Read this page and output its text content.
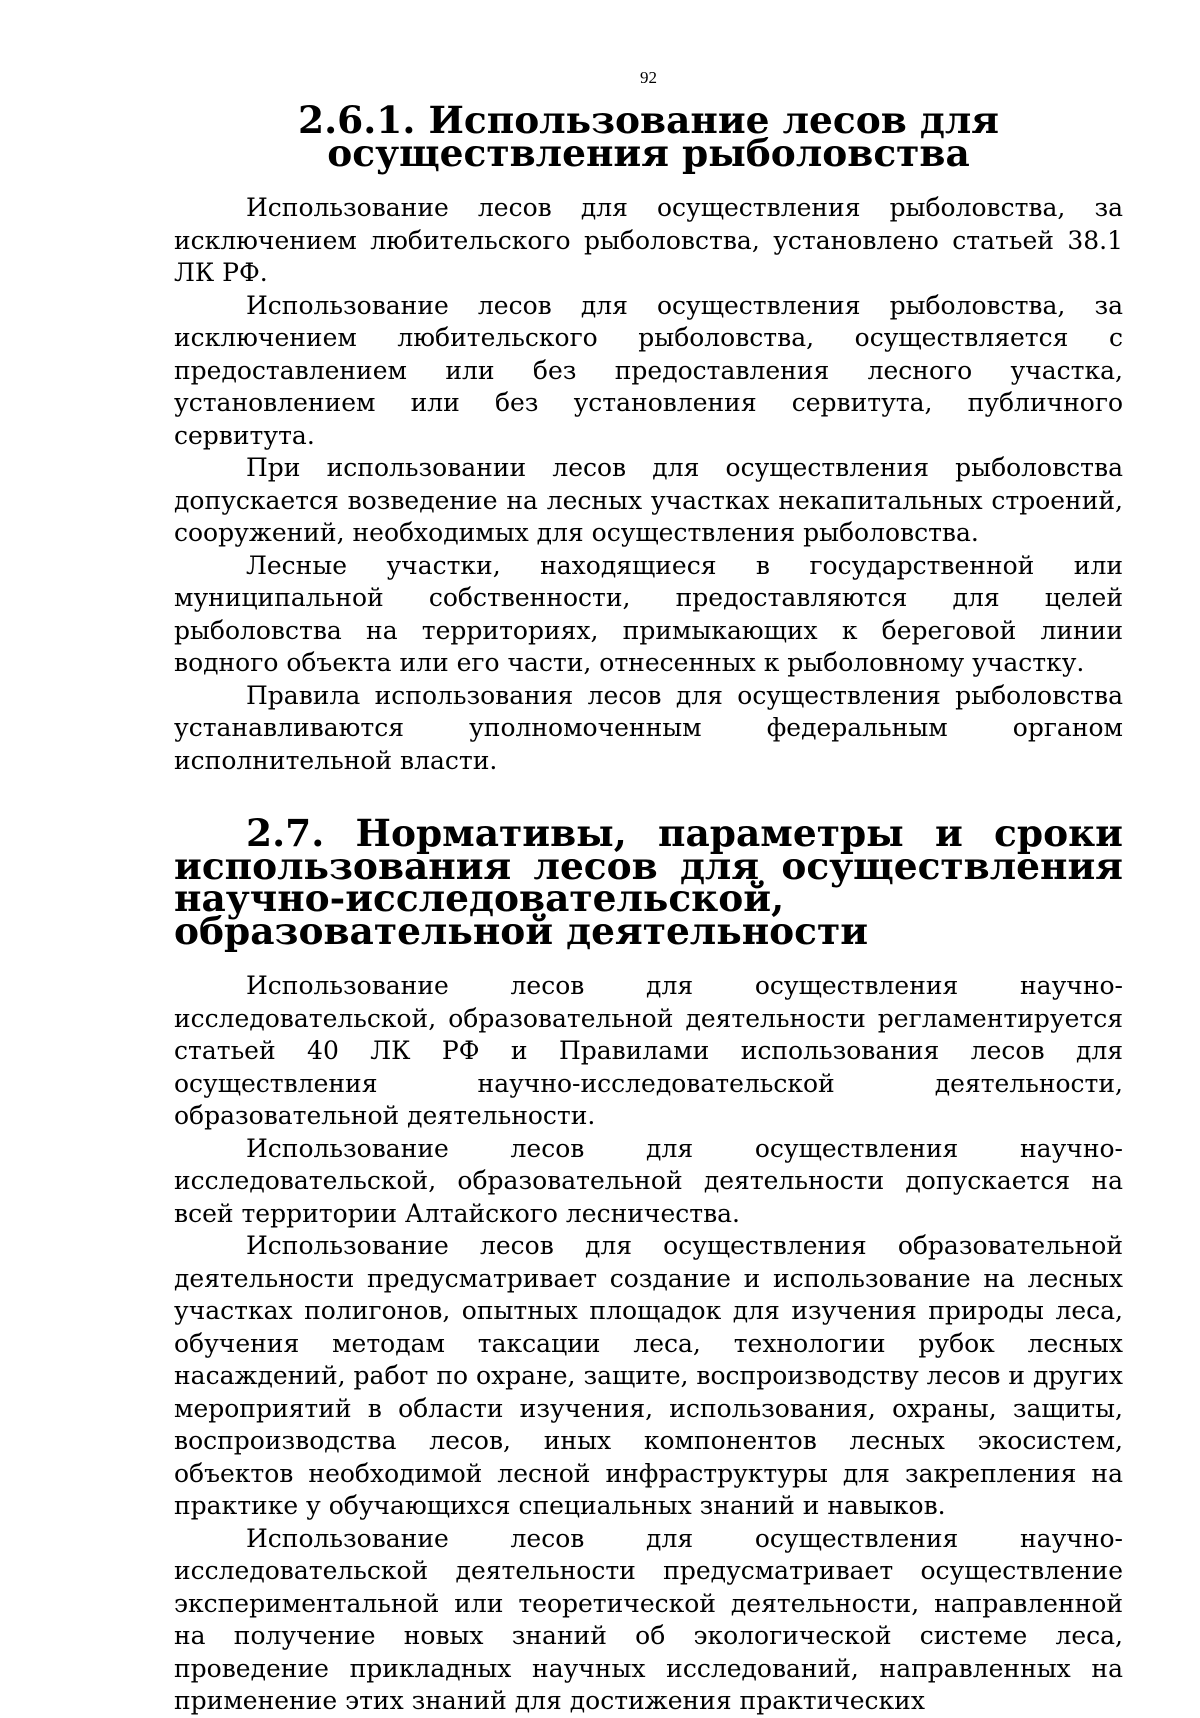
92
2.6.1. Использование лесов для осуществления рыболовства

Использование лесов для осуществления рыболовства, за исключением любительского рыболовства, установлено статьей 38.1 ЛК РФ.

Использование лесов для осуществления рыболовства, за исключением любительского рыболовства, осуществляется с предоставлением или без предоставления лесного участка, установлением или без установления сервитута, публичного сервитута.

При использовании лесов для осуществления рыболовства допускается возведение на лесных участках некапитальных строений, сооружений, необходимых для осуществления рыболовства.

Лесные участки, находящиеся в государственной или муниципальной собственности, предоставляются для целей рыболовства на территориях, примыкающих к береговой линии водного объекта или его части, отнесенных к рыболовному участку.

Правила использования лесов для осуществления рыболовства устанавливаются уполномоченным федеральным органом исполнительной власти.

2.7. Нормативы, параметры и сроки использования лесов для осуществления научно-исследовательской, образовательной деятельности

Использование лесов для осуществления научно-исследовательской, образовательной деятельности регламентируется статьей 40 ЛК РФ и Правилами использования лесов для осуществления научно-исследовательской деятельности, образовательной деятельности.

Использование лесов для осуществления научно-исследовательской, образовательной деятельности допускается на всей территории Алтайского лесничества.

Использование лесов для осуществления образовательной деятельности предусматривает создание и использование на лесных участках полигонов, опытных площадок для изучения природы леса, обучения методам таксации леса, технологии рубок лесных насаждений, работ по охране, защите, воспроизводству лесов и других мероприятий в области изучения, использования, охраны, защиты, воспроизводства лесов, иных компонентов лесных экосистем, объектов необходимой лесной инфраструктуры для закрепления на практике у обучающихся специальных знаний и навыков.

Использование лесов для осуществления научно-исследовательской деятельности предусматривает осуществление экспериментальной или теоретической деятельности, направленной на получение новых знаний об экологической системе леса, проведение прикладных научных исследований, направленных на применение этих знаний для достижения практических
